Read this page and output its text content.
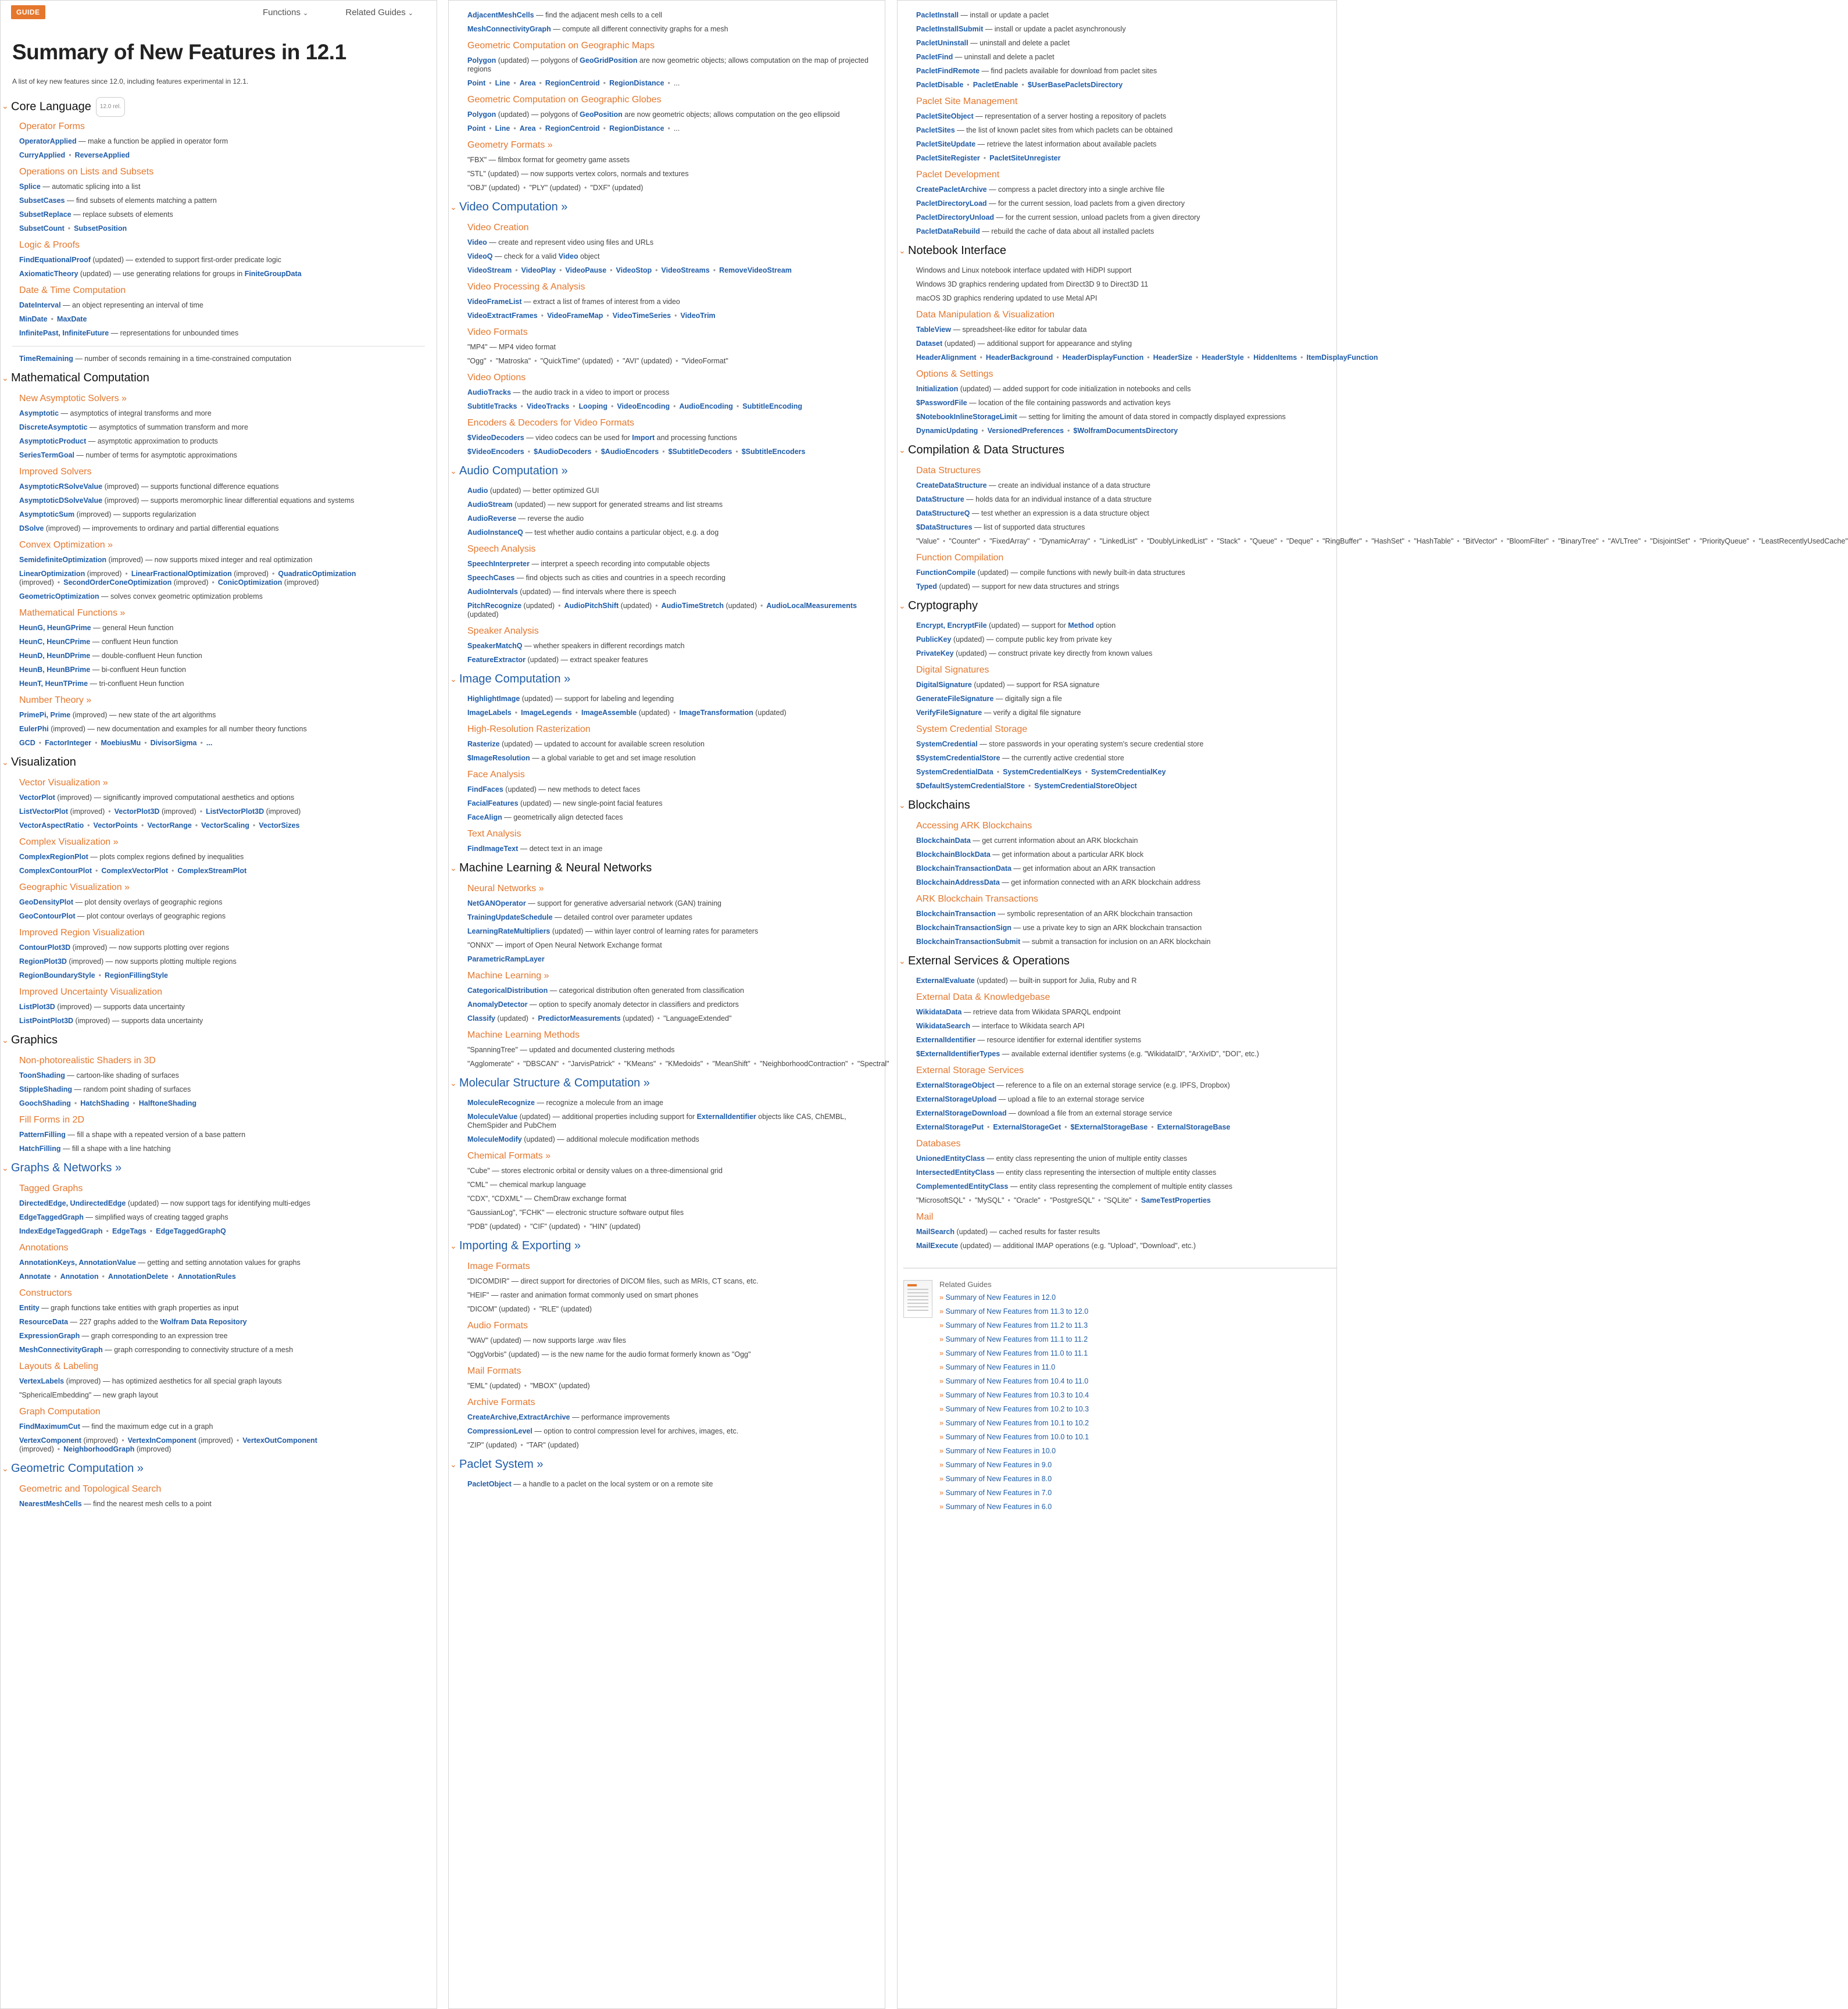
GUIDE	Functions ⌄	Related Guides ⌄
Summary of New Features in 12.1

A list of key new features since 12.0, including features experimental in 12.1.

⌄ Core Language 12.0 rel.
Operator Forms
OperatorApplied — make a function be applied in operator form
CurryApplied • ReverseApplied
Operations on Lists and Subsets
Splice — automatic splicing into a list
SubsetCases — find subsets of elements matching a pattern
SubsetReplace — replace subsets of elements
SubsetCount • SubsetPosition
Logic & Proofs
FindEquationalProof (updated) — extended to support first-order predicate logic
AxiomaticTheory (updated) — use generating relations for groups in FiniteGroupData
Date & Time Computation
DateInterval — an object representing an interval of time
MinDate • MaxDate
InfinitePast, InfiniteFuture — representations for unbounded times
TimeRemaining — number of seconds remaining in a time-constrained computation
⌄ Mathematical Computation
New Asymptotic Solvers »
Asymptotic — asymptotics of integral transforms and more
DiscreteAsymptotic — asymptotics of summation transform and more
AsymptoticProduct — asymptotic approximation to products
SeriesTermGoal — number of terms for asymptotic approximations
Improved Solvers
AsymptoticRSolveValue (improved) — supports functional difference equations
AsymptoticDSolveValue (improved) — supports meromorphic linear differential equations and systems
AsymptoticSum (improved) — supports regularization
DSolve (improved) — improvements to ordinary and partial differential equations
Convex Optimization »
SemidefiniteOptimization (improved) — now supports mixed integer and real optimization
LinearOptimization (improved) • LinearFractionalOptimization (improved) • QuadraticOptimization (improved) • SecondOrderConeOptimization (improved) • ConicOptimization (improved)
GeometricOptimization — solves convex geometric optimization problems
Mathematical Functions »
HeunG, HeunGPrime — general Heun function
HeunC, HeunCPrime — confluent Heun function
HeunD, HeunDPrime — double-confluent Heun function
HeunB, HeunBPrime — bi-confluent Heun function
HeunT, HeunTPrime — tri-confluent Heun function
Number Theory »
PrimePi, Prime (improved) — new state of the art algorithms
EulerPhi (improved) — new documentation and examples for all number theory functions
GCD • FactorInteger • MoebiusMu • DivisorSigma • ...
⌄ Visualization
Vector Visualization »
VectorPlot (improved) — significantly improved computational aesthetics and options
ListVectorPlot (improved) • VectorPlot3D (improved) • ListVectorPlot3D (improved)
VectorAspectRatio • VectorPoints • VectorRange • VectorScaling • VectorSizes
Complex Visualization »
ComplexRegionPlot — plots complex regions defined by inequalities
ComplexContourPlot • ComplexVectorPlot • ComplexStreamPlot
Geographic Visualization »
GeoDensityPlot — plot density overlays of geographic regions
GeoContourPlot — plot contour overlays of geographic regions
Improved Region Visualization
ContourPlot3D (improved) — now supports plotting over regions
RegionPlot3D (improved) — now supports plotting multiple regions
RegionBoundaryStyle • RegionFillingStyle
Improved Uncertainty Visualization
ListPlot3D (improved) — supports data uncertainty
ListPointPlot3D (improved) — supports data uncertainty
⌄ Graphics
Non-photorealistic Shaders in 3D
ToonShading — cartoon-like shading of surfaces
StippleShading — random point shading of surfaces
GoochShading • HatchShading • HalftoneShading
Fill Forms in 2D
PatternFilling — fill a shape with a repeated version of a base pattern
HatchFilling — fill a shape with a line hatching
⌄ Graphs & Networks »
Tagged Graphs
DirectedEdge, UndirectedEdge (updated) — now support tags for identifying multi-edges
EdgeTaggedGraph — simplified ways of creating tagged graphs
IndexEdgeTaggedGraph • EdgeTags • EdgeTaggedGraphQ
Annotations
AnnotationKeys, AnnotationValue — getting and setting annotation values for graphs
Annotate • Annotation • AnnotationDelete • AnnotationRules
Constructors
Entity — graph functions take entities with graph properties as input
ResourceData — 227 graphs added to the Wolfram Data Repository
ExpressionGraph — graph corresponding to an expression tree
MeshConnectivityGraph — graph corresponding to connectivity structure of a mesh
Layouts & Labeling
VertexLabels (improved) — has optimized aesthetics for all special graph layouts
"SphericalEmbedding" — new graph layout
Graph Computation
FindMaximumCut — find the maximum edge cut in a graph
VertexComponent (improved) • VertexInComponent (improved) • VertexOutComponent (improved) • NeighborhoodGraph (improved)
⌄ Geometric Computation »
Geometric and Topological Search
NearestMeshCells — find the nearest mesh cells to a point
AdjacentMeshCells — find the adjacent mesh cells to a cell
MeshConnectivityGraph — compute all different connectivity graphs for a mesh
Geometric Computation on Geographic Maps
Polygon (updated) — polygons of GeoGridPosition are now geometric objects; allows computation on the map of projected regions
Point • Line • Area • RegionCentroid • RegionDistance • ...
Geometric Computation on Geographic Globes
Polygon (updated) — polygons of GeoPosition are now geometric objects; allows computation on the geo ellipsoid
Point • Line • Area • RegionCentroid • RegionDistance • ...
Geometry Formats »
"FBX" — filmbox format for geometry game assets
"STL" (updated) — now supports vertex colors, normals and textures
"OBJ" (updated) • "PLY" (updated) • "DXF" (updated)
⌄ Video Computation »
Video Creation
Video — create and represent video using files and URLs
VideoQ — check for a valid Video object
VideoStream • VideoPlay • VideoPause • VideoStop • VideoStreams • RemoveVideoStream
Video Processing & Analysis
VideoFrameList — extract a list of frames of interest from a video
VideoExtractFrames • VideoFrameMap • VideoTimeSeries • VideoTrim
Video Formats
"MP4" — MP4 video format
"Ogg" • "Matroska" • "QuickTime" (updated) • "AVI" (updated) • "VideoFormat"
Video Options
AudioTracks — the audio track in a video to import or process
SubtitleTracks • VideoTracks • Looping • VideoEncoding • AudioEncoding • SubtitleEncoding
Encoders & Decoders for Video Formats
$VideoDecoders — video codecs can be used for Import and processing functions
$VideoEncoders • $AudioDecoders • $AudioEncoders • $SubtitleDecoders • $SubtitleEncoders
⌄ Audio Computation »
Audio (updated) — better optimized GUI
AudioStream (updated) — new support for generated streams and list streams
AudioReverse — reverse the audio
AudioInstanceQ — test whether audio contains a particular object, e.g. a dog
Speech Analysis
SpeechInterpreter — interpret a speech recording into computable objects
SpeechCases — find objects such as cities and countries in a speech recording
AudioIntervals (updated) — find intervals where there is speech
PitchRecognize (updated) • AudioPitchShift (updated) • AudioTimeStretch (updated) • AudioLocalMeasurements (updated)
Speaker Analysis
SpeakerMatchQ — whether speakers in different recordings match
FeatureExtractor (updated) — extract speaker features
⌄ Image Computation »
HighlightImage (updated) — support for labeling and legending
ImageLabels • ImageLegends • ImageAssemble (updated) • ImageTransformation (updated)
High-Resolution Rasterization
Rasterize (updated) — updated to account for available screen resolution
$ImageResolution — a global variable to get and set image resolution
Face Analysis
FindFaces (updated) — new methods to detect faces
FacialFeatures (updated) — new single-point facial features
FaceAlign — geometrically align detected faces
Text Analysis
FindImageText — detect text in an image
⌄ Machine Learning & Neural Networks
Neural Networks »
NetGANOperator — support for generative adversarial network (GAN) training
TrainingUpdateSchedule — detailed control over parameter updates
LearningRateMultipliers (updated) — within layer control of learning rates for parameters
"ONNX" — import of Open Neural Network Exchange format
ParametricRampLayer
Machine Learning »
CategoricalDistribution — categorical distribution often generated from classification
AnomalyDetector — option to specify anomaly detector in classifiers and predictors
Classify (updated) • PredictorMeasurements (updated) • "LanguageExtended"
Machine Learning Methods
"SpanningTree" — updated and documented clustering methods
"Agglomerate" • "DBSCAN" • "JarvisPatrick" • "KMeans" • "KMedoids" • "MeanShift" • "NeighborhoodContraction" • "Spectral"
⌄ Molecular Structure & Computation »
MoleculeRecognize — recognize a molecule from an image
MoleculeValue (updated) — additional properties including support for ExternalIdentifier objects like CAS, ChEMBL, ChemSpider and PubChem
MoleculeModify (updated) — additional molecule modification methods
Chemical Formats »
"Cube" — stores electronic orbital or density values on a three-dimensional grid
"CML" — chemical markup language
"CDX", "CDXML" — ChemDraw exchange format
"GaussianLog", "FCHK" — electronic structure software output files
"PDB" (updated) • "CIF" (updated) • "HIN" (updated)
⌄ Importing & Exporting »
Image Formats
"DICOMDIR" — direct support for directories of DICOM files, such as MRIs, CT scans, etc.
"HEIF" — raster and animation format commonly used on smart phones
"DICOM" (updated) • "RLE" (updated)
Audio Formats
"WAV" (updated) — now supports large .wav files
"OggVorbis" (updated) — is the new name for the audio format formerly known as "Ogg"
Mail Formats
"EML" (updated) • "MBOX" (updated)
Archive Formats
CreateArchive,ExtractArchive — performance improvements
CompressionLevel — option to control compression level for archives, images, etc.
"ZIP" (updated) • "TAR" (updated)
⌄ Paclet System »
PacletObject — a handle to a paclet on the local system or on a remote site
PacletInstall — install or update a paclet
PacletInstallSubmit — install or update a paclet asynchronously
PacletUninstall — uninstall and delete a paclet
PacletFind — uninstall and delete a paclet
PacletFindRemote — find paclets available for download from paclet sites
PacletDisable • PacletEnable • $UserBasePacletsDirectory
Paclet Site Management
PacletSiteObject — representation of a server hosting a repository of paclets
PacletSites — the list of known paclet sites from which paclets can be obtained
PacletSiteUpdate — retrieve the latest information about available paclets
PacletSiteRegister • PacletSiteUnregister
Paclet Development
CreatePacletArchive — compress a paclet directory into a single archive file
PacletDirectoryLoad — for the current session, load paclets from a given directory
PacletDirectoryUnload — for the current session, unload paclets from a given directory
PacletDataRebuild — rebuild the cache of data about all installed paclets
⌄ Notebook Interface
Windows and Linux notebook interface updated with HiDPI support
Windows 3D graphics rendering updated from Direct3D 9 to Direct3D 11
macOS 3D graphics rendering updated to use Metal API
Data Manipulation & Visualization
TableView — spreadsheet-like editor for tabular data
Dataset (updated) — additional support for appearance and styling
HeaderAlignment • HeaderBackground • HeaderDisplayFunction • HeaderSize • HeaderStyle • HiddenItems • ItemDisplayFunction
Options & Settings
Initialization (updated) — added support for code initialization in notebooks and cells
$PasswordFile — location of the file containing passwords and activation keys
$NotebookInlineStorageLimit — setting for limiting the amount of data stored in compactly displayed expressions
DynamicUpdating • VersionedPreferences • $WolframDocumentsDirectory
⌄ Compilation & Data Structures
Data Structures
CreateDataStructure — create an individual instance of a data structure
DataStructure — holds data for an individual instance of a data structure
DataStructureQ — test whether an expression is a data structure object
$DataStructures — list of supported data structures
"Value" • "Counter" • "FixedArray" • "DynamicArray" • "LinkedList" • "DoublyLinkedList" • "Stack" • "Queue" • "Deque" • "RingBuffer" • "HashSet" • "HashTable" • "BitVector" • "BloomFilter" • "BinaryTree" • "AVLTree" • "DisjointSet" • "PriorityQueue" • "LeastRecentlyUsedCache"
Function Compilation
FunctionCompile (updated) — compile functions with newly built-in data structures
Typed (updated) — support for new data structures and strings
⌄ Cryptography
Encrypt, EncryptFile (updated) — support for Method option
PublicKey (updated) — compute public key from private key
PrivateKey (updated) — construct private key directly from known values
Digital Signatures
DigitalSignature (updated) — support for RSA signature
GenerateFileSignature — digitally sign a file
VerifyFileSignature — verify a digital file signature
System Credential Storage
SystemCredential — store passwords in your operating system's secure credential store
$SystemCredentialStore — the currently active credential store
SystemCredentialData • SystemCredentialKeys • SystemCredentialKey
$DefaultSystemCredentialStore • SystemCredentialStoreObject
⌄ Blockchains
Accessing ARK Blockchains
BlockchainData — get current information about an ARK blockchain
BlockchainBlockData — get information about a particular ARK block
BlockchainTransactionData — get information about an ARK transaction
BlockchainAddressData — get information connected with an ARK blockchain address
ARK Blockchain Transactions
BlockchainTransaction — symbolic representation of an ARK blockchain transaction
BlockchainTransactionSign — use a private key to sign an ARK blockchain transaction
BlockchainTransactionSubmit — submit a transaction for inclusion on an ARK blockchain
⌄ External Services & Operations
ExternalEvaluate (updated) — built-in support for Julia, Ruby and R
External Data & Knowledgebase
WikidataData — retrieve data from Wikidata SPARQL endpoint
WikidataSearch — interface to Wikidata search API
ExternalIdentifier — resource identifier for external identifier systems
$ExternalIdentifierTypes — available external identifier systems (e.g. "WikidataID", "ArXivID", "DOI", etc.)
External Storage Services
ExternalStorageObject — reference to a file on an external storage service (e.g. IPFS, Dropbox)
ExternalStorageUpload — upload a file to an external storage service
ExternalStorageDownload — download a file from an external storage service
ExternalStoragePut • ExternalStorageGet • $ExternalStorageBase • ExternalStorageBase
Databases
UnionedEntityClass — entity class representing the union of multiple entity classes
IntersectedEntityClass — entity class representing the intersection of multiple entity classes
ComplementedEntityClass — entity class representing the complement of multiple entity classes
"MicrosoftSQL" • "MySQL" • "Oracle" • "PostgreSQL" • "SQLite" • SameTestProperties
Mail
MailSearch (updated) — cached results for faster results
MailExecute (updated) — additional IMAP operations (e.g. "Upload", "Download", etc.)
Related Guides
» Summary of New Features in 12.0
» Summary of New Features from 11.3 to 12.0
» Summary of New Features from 11.2 to 11.3
» Summary of New Features from 11.1 to 11.2
» Summary of New Features from 11.0 to 11.1
» Summary of New Features in 11.0
» Summary of New Features from 10.4 to 11.0
» Summary of New Features from 10.3 to 10.4
» Summary of New Features from 10.2 to 10.3
» Summary of New Features from 10.1 to 10.2
» Summary of New Features from 10.0 to 10.1
» Summary of New Features in 10.0
» Summary of New Features in 9.0
» Summary of New Features in 8.0
» Summary of New Features in 7.0
» Summary of New Features in 6.0
